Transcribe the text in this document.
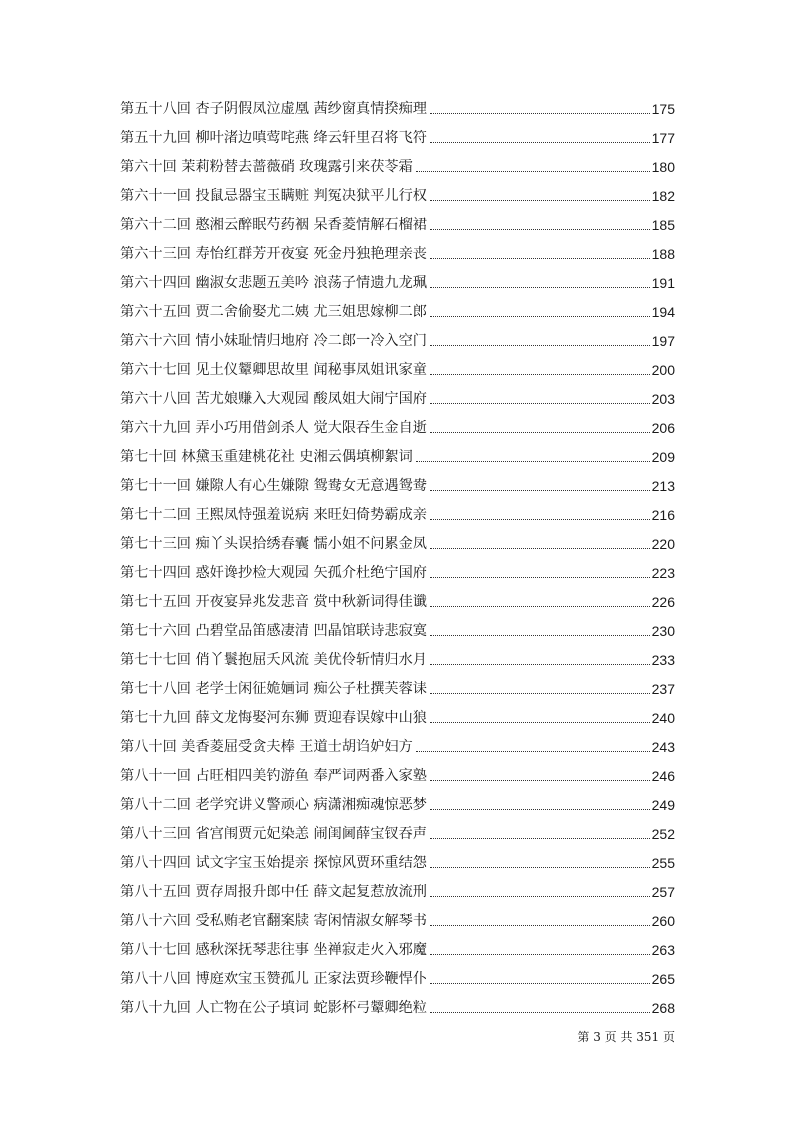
第五十八回 杏子阴假凤泣虚凰 茜纱窗真情揆痴理	175
第五十九回 柳叶渚边嗔莺咤燕 绛云轩里召将飞符	177
第六十回 茉莉粉替去蔷薇硝 玫瑰露引来茯苓霜	180
第六十一回 投鼠忌器宝玉瞒赃 判冤决狱平儿行权	182
第六十二回 憨湘云醉眠芍药裀 呆香菱情解石榴裙	185
第六十三回 寿怡红群芳开夜宴 死金丹独艳理亲丧	188
第六十四回 幽淑女悲题五美吟 浪荡子情遗九龙珮	191
第六十五回 贾二舍偷娶尤二姨 尤三姐思嫁柳二郎	194
第六十六回 情小妹耻情归地府 冷二郎一冷入空门	197
第六十七回 见土仪颦卿思故里 闻秘事凤姐讯家童	200
第六十八回 苦尤娘赚入大观园 酸凤姐大闹宁国府	203
第六十九回 弄小巧用借剑杀人 觉大限吞生金自逝	206
第七十回 林黛玉重建桃花社 史湘云偶填柳絮词	209
第七十一回 嫌隙人有心生嫌隙 鸳鸯女无意遇鸳鸯	213
第七十二回 王熙凤恃强羞说病 来旺妇倚势霸成亲	216
第七十三回 痴丫头误拾绣春囊 懦小姐不问累金凤	220
第七十四回 惑奸谗抄检大观园 矢孤介杜绝宁国府	223
第七十五回 开夜宴异兆发悲音 赏中秋新词得佳谶	226
第七十六回 凸碧堂品笛感凄清 凹晶馆联诗悲寂寞	230
第七十七回 俏丫鬟抱屈夭风流 美优伶斩情归水月	233
第七十八回 老学士闲征姽婳词 痴公子杜撰芙蓉诔	237
第七十九回 薛文龙悔娶河东狮 贾迎春误嫁中山狼	240
第八十回 美香菱屈受贪夫棒 王道士胡诌妒妇方	243
第八十一回 占旺相四美钓游鱼 奉严词两番入家塾	246
第八十二回 老学究讲义警顽心 病潇湘痴魂惊恶梦	249
第八十三回 省宫闱贾元妃染恙 闹闺阃薛宝钗吞声	252
第八十四回 试文字宝玉始提亲 探惊风贾环重结怨	255
第八十五回 贾存周报升郎中任 薛文起复惹放流刑	257
第八十六回 受私贿老官翻案牍 寄闲情淑女解琴书	260
第八十七回 感秋深抚琴悲往事 坐禅寂走火入邪魔	263
第八十八回 博庭欢宝玉赞孤儿 正家法贾珍鞭悍仆	265
第八十九回 人亡物在公子填词 蛇影杯弓颦卿绝粒	268
第 3 页 共 351 页
